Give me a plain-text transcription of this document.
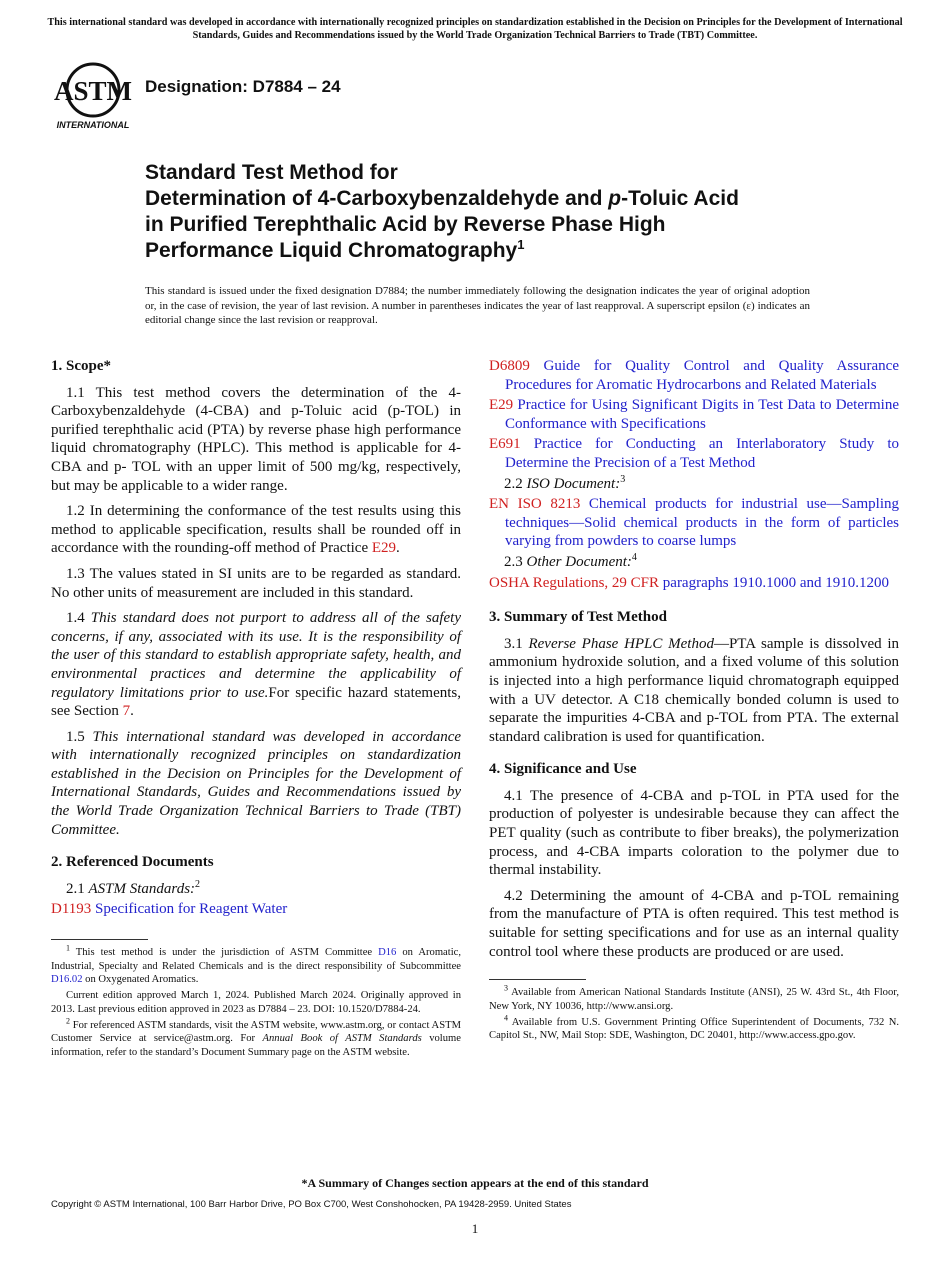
This international standard was developed in accordance with internationally recognized principles on standardization established in the Decision on Principles for the Development of International Standards, Guides and Recommendations issued by the World Trade Organization Technical Barriers to Trade (TBT) Committee.
ASTM
INTERNATIONAL
Designation: D7884 – 24
Standard Test Method for
Determination of 4-Carboxybenzaldehyde and p-Toluic Acid
in Purified Terephthalic Acid by Reverse Phase High
Performance Liquid Chromatography$^1$
This standard is issued under the fixed designation D7884; the number immediately following the designation indicates the year of original adoption or, in the case of revision, the year of last revision. A number in parentheses indicates the year of last reapproval. A superscript epsilon (ε) indicates an editorial change since the last revision or reapproval.
1. Scope*

1.1 This test method covers the determination of the 4-Carboxybenzaldehyde (4-CBA) and p-Toluic acid (p-TOL) in purified terephthalic acid (PTA) by reverse phase high performance liquid chromatography (HPLC). This method is applicable for 4-CBA and p- TOL with an upper limit of 500 mg/kg, respectively, but may be applicable to a wider range.

1.2 In determining the conformance of the test results using this method to applicable specification, results shall be rounded off in accordance with the rounding-off method of Practice E29.

1.3 The values stated in SI units are to be regarded as standard. No other units of measurement are included in this standard.

1.4 This standard does not purport to address all of the safety concerns, if any, associated with its use. It is the responsibility of the user of this standard to establish appropriate safety, health, and environmental practices and determine the applicability of regulatory limitations prior to use.For specific hazard statements, see Section 7.

1.5 This international standard was developed in accordance with internationally recognized principles on standardization established in the Decision on Principles for the Development of International Standards, Guides and Recommendations issued by the World Trade Organization Technical Barriers to Trade (TBT) Committee.

2. Referenced Documents

2.1 ASTM Standards:$^2$

D1193 Specification for Reagent Water

$^1$ This test method is under the jurisdiction of ASTM Committee D16 on Aromatic, Industrial, Specialty and Related Chemicals and is the direct responsibility of Subcommittee D16.02 on Oxygenated Aromatics.

Current edition approved March 1, 2024. Published March 2024. Originally approved in 2013. Last previous edition approved in 2023 as D7884 – 23. DOI: 10.1520/D7884-24.

$^2$ For referenced ASTM standards, visit the ASTM website, www.astm.org, or contact ASTM Customer Service at service@astm.org. For Annual Book of ASTM Standards volume information, refer to the standard’s Document Summary page on the ASTM website.

D6809 Guide for Quality Control and Quality Assurance Procedures for Aromatic Hydrocarbons and Related Materials

E29 Practice for Using Significant Digits in Test Data to Determine Conformance with Specifications

E691 Practice for Conducting an Interlaboratory Study to Determine the Precision of a Test Method

2.2 ISO Document:$^3$

EN ISO 8213 Chemical products for industrial use—Sampling techniques—Solid chemical products in the form of particles varying from powders to coarse lumps

2.3 Other Document:$^4$

OSHA Regulations, 29 CFR paragraphs 1910.1000 and 1910.1200

3. Summary of Test Method

3.1 Reverse Phase HPLC Method—PTA sample is dissolved in ammonium hydroxide solution, and a fixed volume of this solution is injected into a high performance liquid chromatograph equipped with a UV detector. A C18 chemically bonded column is used to separate the impurities 4-CBA and p-TOL from PTA. The external standard calibration is used for quantification.

4. Significance and Use

4.1 The presence of 4-CBA and p-TOL in PTA used for the production of polyester is undesirable because they can affect the PET quality (such as contribute to fiber breaks), the polymerization process, and 4-CBA imparts coloration to the polymer due to thermal instability.

4.2 Determining the amount of 4-CBA and p-TOL remaining from the manufacture of PTA is often required. This test method is suitable for setting specifications and for use as an internal quality control tool where these products are produced or are used.

$^3$ Available from American National Standards Institute (ANSI), 25 W. 43rd St., 4th Floor, New York, NY 10036, http://www.ansi.org.

$^4$ Available from U.S. Government Printing Office Superintendent of Documents, 732 N. Capitol St., NW, Mail Stop: SDE, Washington, DC 20401, http://www.access.gpo.gov.

*A Summary of Changes section appears at the end of this standard
Copyright © ASTM International, 100 Barr Harbor Drive, PO Box C700, West Conshohocken, PA 19428-2959. United States
1
